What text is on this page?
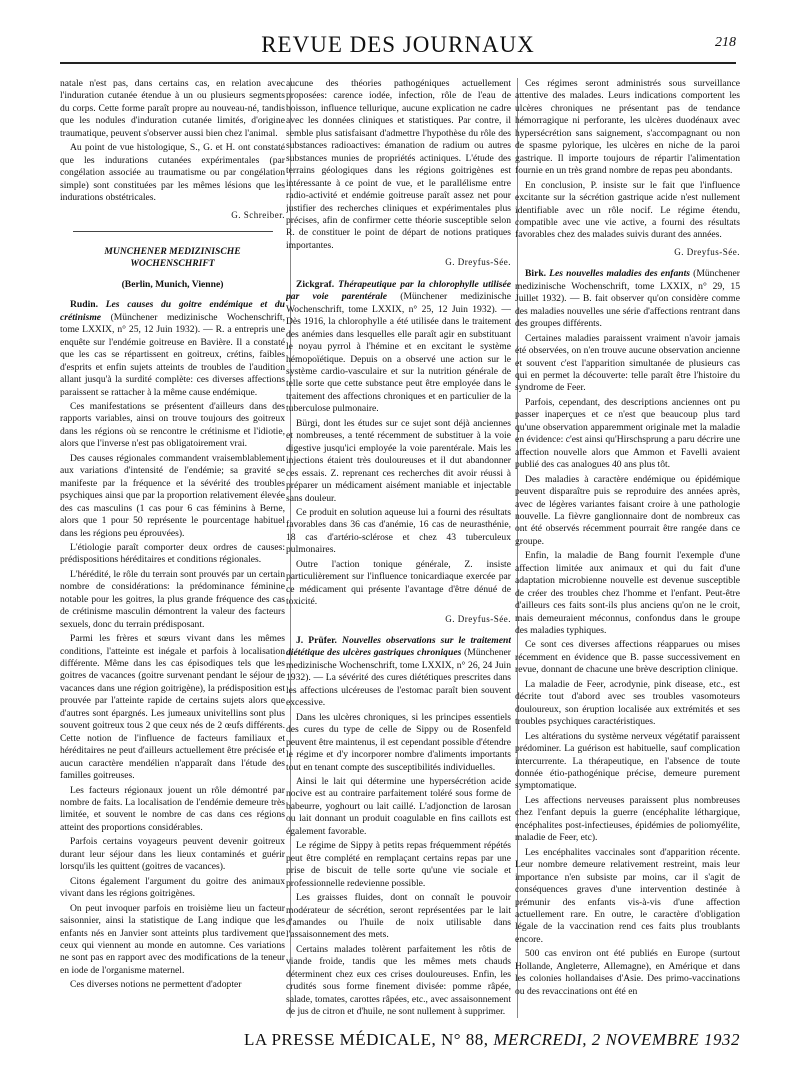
REVUE DES JOURNAUX	218

natale n'est pas, dans certains cas, en relation avec l'induration cutanée étendue à un ou plusieurs segments du corps. Cette forme paraît propre au nouveau-né, tandis que les nodules d'induration cutanée limités, d'origine traumatique, peuvent s'observer aussi bien chez l'animal.

Au point de vue histologique, S., G. et H. ont constaté que les indurations cutanées expérimentales (par congélation associée au traumatisme ou par congélation simple) sont constituées par les mêmes lésions que les indurations obstétricales.

G. Schreiber.

MUNCHENER MEDIZINISCHE

WOCHENSCHRIFT

(Berlin, Munich, Vienne)

Rudin. Les causes du goitre endémique et du crétinisme (Münchener medizinische Wochenschrift, tome LXXIX, n° 25, 12 Juin 1932). — R. a entrepris une enquête sur l'endémie goitreuse en Bavière. Il a constaté que les cas se répartissent en goitreux, crétins, faibles d'esprits et enfin sujets atteints de troubles de l'audition allant jusqu'à la surdité complète: ces diverses affections paraissent se rattacher à la même cause endémique.

Ces manifestations se présentent d'ailleurs dans des rapports variables, ainsi on trouve toujours des goitreux dans les régions où se rencontre le crétinisme et l'idiotie, alors que l'inverse n'est pas obligatoirement vrai.

Des causes régionales commandent vraisemblablement aux variations d'intensité de l'endémie; sa gravité se manifeste par la fréquence et la sévérité des troubles psychiques ainsi que par la proportion relativement élevée des cas masculins (1 cas pour 6 cas féminins à Berne, alors que 1 pour 50 représente le pourcentage habituel dans les régions peu éprouvées).

L'étiologie paraît comporter deux ordres de causes: prédispositions héréditaires et conditions régionales.

L'hérédité, le rôle du terrain sont prouvés par un certain nombre de considérations: la prédominance féminine notable pour les goitres, la plus grande fréquence des cas de crétinisme masculin démontrent la valeur des facteurs sexuels, donc du terrain prédisposant.

Parmi les frères et sœurs vivant dans les mêmes conditions, l'atteinte est inégale et parfois à localisation différente. Même dans les cas épisodiques tels que les goitres de vacances (goitre survenant pendant le séjour de vacances dans une région goitrigène), la prédisposition est prouvée par l'atteinte rapide de certains sujets alors que d'autres sont épargnés. Les jumeaux univitellins sont plus souvent goitreux tous 2 que ceux nés de 2 œufs différents. Cette notion de l'influence de facteurs familiaux et héréditaires ne peut d'ailleurs actuellement être précisée et aucun caractère mendélien n'apparaît dans l'étude des familles goitreuses.

Les facteurs régionaux jouent un rôle démontré par nombre de faits. La localisation de l'endémie demeure très limitée, et souvent le nombre de cas dans ces régions atteint des proportions considérables.

Parfois certains voyageurs peuvent devenir goitreux durant leur séjour dans les lieux contaminés et guérir lorsqu'ils les quittent (goitres de vacances).

Citons également l'argument du goitre des animaux vivant dans les régions goitrigènes.

On peut invoquer parfois en troisième lieu un facteur saisonnier, ainsi la statistique de Lang indique que les enfants nés en Janvier sont atteints plus tardivement que ceux qui viennent au monde en automne. Ces variations ne sont pas en rapport avec des modifications de la teneur en iode de l'organisme maternel.

Ces diverses notions ne permettent d'adopter

aucune des théories pathogéniques actuellement proposées: carence iodée, infection, rôle de l'eau de boisson, influence tellurique, aucune explication ne cadre avec les données cliniques et statistiques. Par contre, il semble plus satisfaisant d'admettre l'hypothèse du rôle des substances radioactives: émanation de radium ou autres substances munies de propriétés actiniques. L'étude des terrains géologiques dans les régions goitrigènes est intéressante à ce point de vue, et le parallélisme entre radio-activité et endémie goitreuse paraît assez net pour justifier des recherches cliniques et expérimentales plus précises, afin de confirmer cette théorie susceptible selon R. de constituer le point de départ de notions pratiques importantes.

G. Dreyfus-Sée.

Zickgraf. Thérapeutique par la chlorophylle utilisée par voie parentérale (Münchener medizinische Wochenschrift, tome LXXIX, n° 25, 12 Juin 1932). — Dès 1916, la chlorophylle a été utilisée dans le traitement des anémies dans lesquelles elle paraît agir en substituant le noyau pyrrol à l'hémine et en excitant le système hémopoïétique. Depuis on a observé une action sur le système cardio-vasculaire et sur la nutrition générale de telle sorte que cette substance peut être employée dans le traitement des affections chroniques et en particulier de la tuberculose pulmonaire.

Bürgi, dont les études sur ce sujet sont déjà anciennes et nombreuses, a tenté récemment de substituer à la voie digestive jusqu'ici employée la voie parentérale. Mais les injections étaient très douloureuses et il dut abandonner ces essais. Z. reprenant ces recherches dit avoir réussi à préparer un médicament aisément maniable et injectable sans douleur.

Ce produit en solution aqueuse lui a fourni des résultats favorables dans 36 cas d'anémie, 16 cas de neurasthénie, 18 cas d'artério-sclérose et chez 43 tuberculeux pulmonaires.

Outre l'action tonique générale, Z. insiste particulièrement sur l'influence tonicardiaque exercée par ce médicament qui présente l'avantage d'être dénué de toxicité.

G. Dreyfus-Sée.

J. Prüfer. Nouvelles observations sur le traitement diététique des ulcères gastriques chroniques (Münchener medizinische Wochenschrift, tome LXXIX, n° 26, 24 Juin 1932). — La sévérité des cures diététiques prescrites dans les affections ulcéreuses de l'estomac paraît bien souvent excessive.

Dans les ulcères chroniques, si les principes essentiels des cures du type de celle de Sippy ou de Rosenfeld peuvent être maintenus, il est cependant possible d'étendre le régime et d'y incorporer nombre d'aliments importants tout en tenant compte des susceptibilités individuelles.

Ainsi le lait qui détermine une hypersécrétion acide nocive est au contraire parfaitement toléré sous forme de babeurre, yoghourt ou lait caillé. L'adjonction de larosan ou lait donnant un produit coagulable en fins caillots est également favorable.

Le régime de Sippy à petits repas fréquemment répétés peut être complété en remplaçant certains repas par une prise de biscuit de telle sorte qu'une vie sociale et professionnelle redevienne possible.

Les graisses fluides, dont on connaît le pouvoir modérateur de sécrétion, seront représentées par le lait d'amandes ou l'huile de noix utilisable dans l'assaisonnement des mets.

Certains malades tolèrent parfaitement les rôtis de viande froide, tandis que les mêmes mets chauds déterminent chez eux ces crises douloureuses. Enfin, les crudités sous forme finement divisée: pomme râpée, salade, tomates, carottes râpées, etc., avec assaisonnement de jus de citron et d'huile, ne sont nullement à supprimer.

Ces régimes seront administrés sous surveillance attentive des malades. Leurs indications comportent les ulcères chroniques ne présentant pas de tendance hémorragique ni perforante, les ulcères duodénaux avec hypersécrétion sans saignement, s'accompagnant ou non de spasme pylorique, les ulcères en niche de la paroi gastrique. Il importe toujours de répartir l'alimentation fournie en un très grand nombre de repas peu abondants.

En conclusion, P. insiste sur le fait que l'influence excitante sur la sécrétion gastrique acide n'est nullement identifiable avec un rôle nocif. Le régime étendu, compatible avec une vie active, a fourni des résultats favorables chez des malades suivis durant des années.

G. Dreyfus-Sée.

Birk. Les nouvelles maladies des enfants (Münchener medizinische Wochenschrift, tome LXXIX, n° 29, 15 Juillet 1932). — B. fait observer qu'on considère comme des maladies nouvelles une série d'affections rentrant dans des groupes différents.

Certaines maladies paraissent vraiment n'avoir jamais été observées, on n'en trouve aucune observation ancienne et souvent c'est l'apparition simultanée de plusieurs cas qui en permet la découverte: telle paraît être l'histoire du syndrome de Feer.

Parfois, cependant, des descriptions anciennes ont pu passer inaperçues et ce n'est que beaucoup plus tard qu'une observation apparemment originale met la maladie en évidence: c'est ainsi qu'Hirschsprung a paru décrire une affection nouvelle alors que Ammon et Favelli avaient publié des cas analogues 40 ans plus tôt.

Des maladies à caractère endémique ou épidémique peuvent disparaître puis se reproduire des années après, avec de légères variantes faisant croire à une pathologie nouvelle. La fièvre ganglionnaire dont de nombreux cas ont été observés récemment pourrait être rangée dans ce groupe.

Enfin, la maladie de Bang fournit l'exemple d'une affection limitée aux animaux et qui du fait d'une adaptation microbienne nouvelle est devenue susceptible de créer des troubles chez l'homme et l'enfant. Peut-être d'ailleurs ces faits sont-ils plus anciens qu'on ne le croit, mais demeuraient méconnus, confondus dans le groupe des maladies typhiques.

Ce sont ces diverses affections réapparues ou mises récemment en évidence que B. passe successivement en revue, donnant de chacune une brève description clinique.

La maladie de Feer, acrodynie, pink disease, etc., est décrite tout d'abord avec ses troubles vasomoteurs douloureux, son éruption localisée aux extrémités et ses troubles psychiques caractéristiques.

Les altérations du système nerveux végétatif paraissent prédominer. La guérison est habituelle, sauf complication intercurrente. La thérapeutique, en l'absence de toute donnée étio-pathogénique précise, demeure purement symptomatique.

Les affections nerveuses paraissent plus nombreuses chez l'enfant depuis la guerre (encéphalite léthargique, encéphalites post-infectieuses, épidémies de poliomyélite, maladie de Feer, etc).

Les encéphalites vaccinales sont d'apparition récente. Leur nombre demeure relativement restreint, mais leur importance n'en subsiste par moins, car il s'agit de conséquences graves d'une intervention destinée à prémunir des enfants vis-à-vis d'une affection actuellement rare. En outre, le caractère d'obligation légale de la vaccination rend ces faits plus troublants encore.

500 cas environ ont été publiés en Europe (surtout Hollande, Angleterre, Allemagne), en Amérique et dans les colonies hollandaises d'Asie. Des primo-vaccinations ou des revaccinations ont été en

LA PRESSE MÉDICALE, N° 88, MERCREDI, 2 NOVEMBRE 1932
